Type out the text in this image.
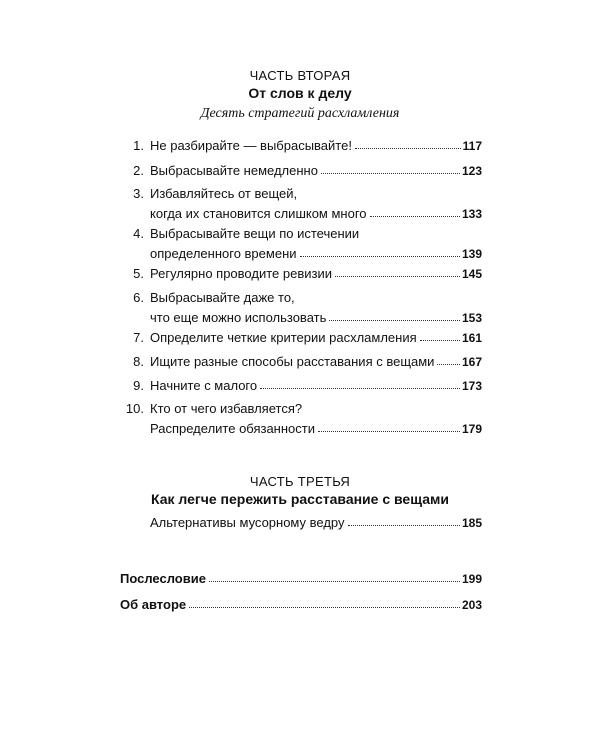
ЧАСТЬ ВТОРАЯ
От слов к делу
Десять стратегий расхламления
1. Не разбирайте — выбрасывайте!	117
2. Выбрасывайте немедленно	123
3. Избавляйтесь от вещей,
когда их становится слишком много	133
4. Выбрасывайте вещи по истечении
определенного времени	139
5. Регулярно проводите ревизии	145
6. Выбрасывайте даже то,
что еще можно использовать	153
7. Определите четкие критерии расхламления	161
8. Ищите разные способы расставания с вещами 167
9. Начните с малого	173
10. Кто от чего избавляется?
Распределите обязанности	179
ЧАСТЬ ТРЕТЬЯ
Как легче пережить расставание с вещами
Альтернативы мусорному ведру	185
Послесловие	199
Об авторе	203
